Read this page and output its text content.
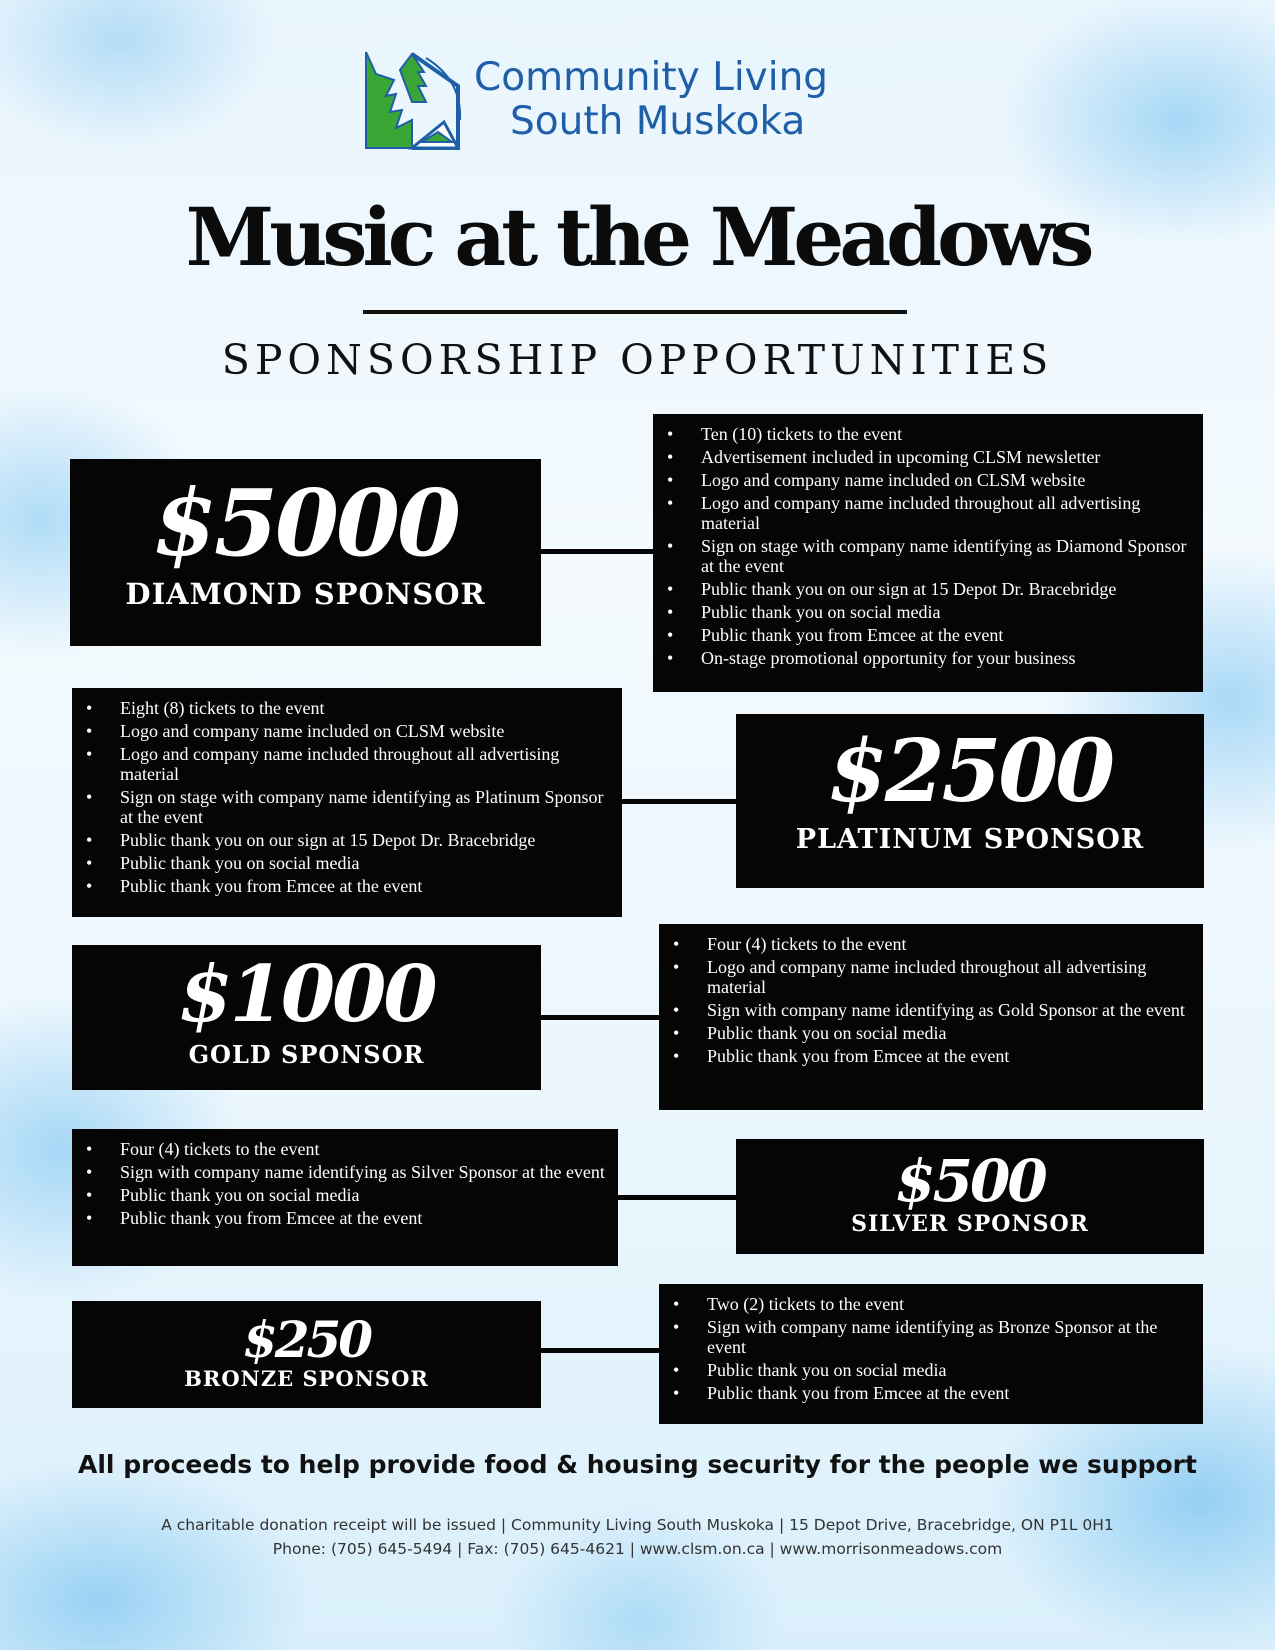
Community Living
South Muskoka
Music at the Meadows
SPONSORSHIP OPPORTUNITIES
$5000
DIAMOND SPONSOR
• Ten (10) tickets to the event
• Advertisement included in upcoming CLSM newsletter
• Logo and company name included on CLSM website
• Logo and company name included throughout all advertising material
• Sign on stage with company name identifying as Diamond Sponsor at the event
• Public thank you on our sign at 15 Depot Dr. Bracebridge
• Public thank you on social media
• Public thank you from Emcee at the event
• On-stage promotional opportunity for your business
• Eight (8) tickets to the event
• Logo and company name included on CLSM website
• Logo and company name included throughout all advertising material
• Sign on stage with company name identifying as Platinum Sponsor at the event
• Public thank you on our sign at 15 Depot Dr. Bracebridge
• Public thank you on social media
• Public thank you from Emcee at the event
$2500
PLATINUM SPONSOR
$1000
GOLD SPONSOR
• Four (4) tickets to the event
• Logo and company name included throughout all advertising material
• Sign with company name identifying as Gold Sponsor at the event
• Public thank you on social media
• Public thank you from Emcee at the event
• Four (4) tickets to the event
• Sign with company name identifying as Silver Sponsor at the event
• Public thank you on social media
• Public thank you from Emcee at the event
$500
SILVER SPONSOR
$250
BRONZE SPONSOR
• Two (2) tickets to the event
• Sign with company name identifying as Bronze Sponsor at the event
• Public thank you on social media
• Public thank you from Emcee at the event
All proceeds to help provide food & housing security for the people we support
A charitable donation receipt will be issued | Community Living South Muskoka | 15 Depot Drive, Bracebridge, ON P1L 0H1
Phone: (705) 645-5494 | Fax: (705) 645-4621 | www.clsm.on.ca | www.morrisonmeadows.com
